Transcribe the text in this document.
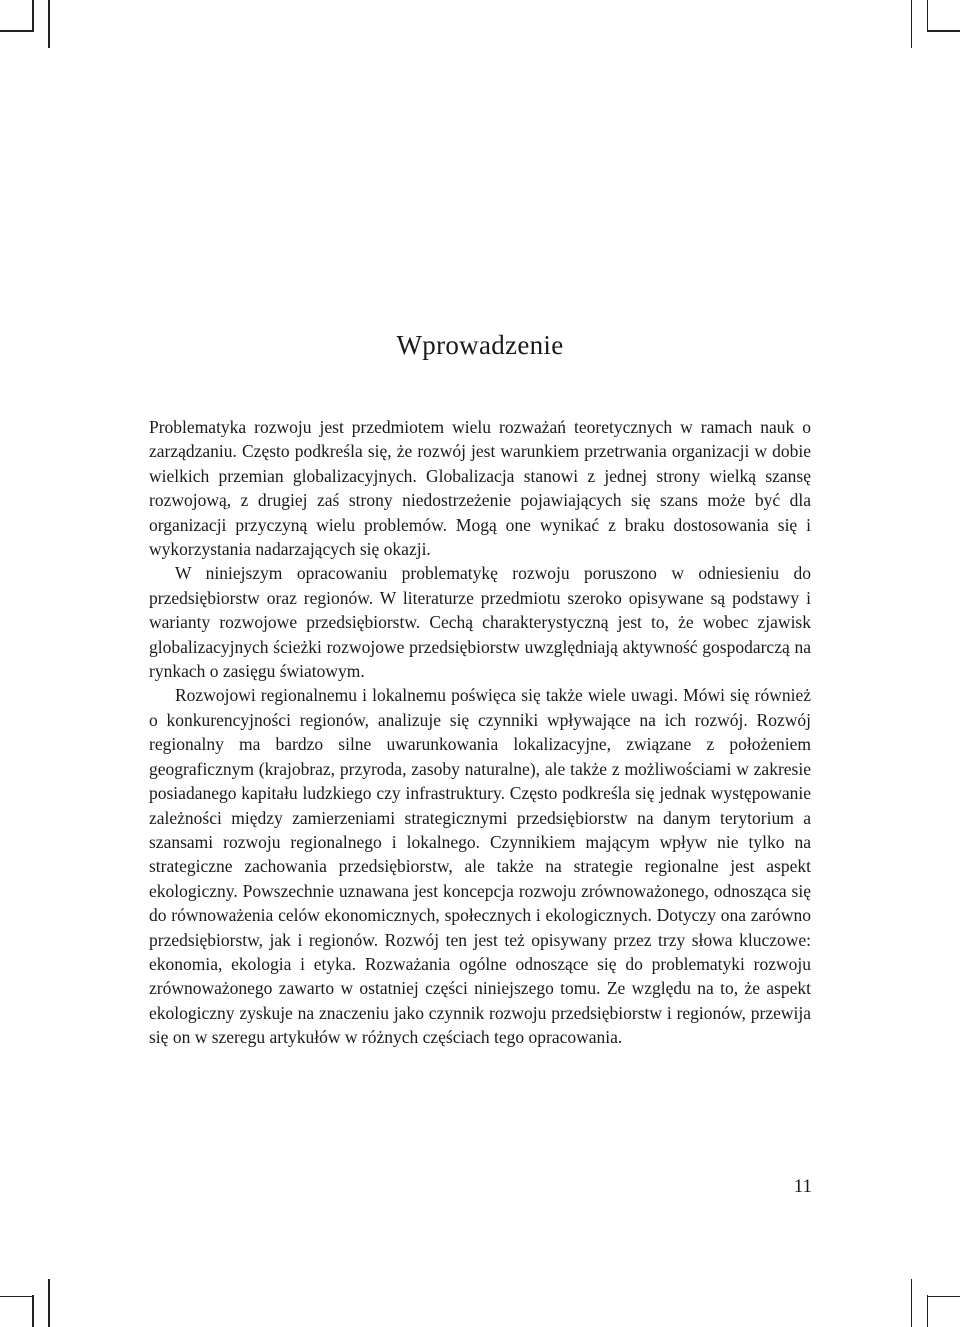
Wprowadzenie

Problematyka rozwoju jest przedmiotem wielu rozważań teoretycznych w ramach nauk o zarządzaniu. Często podkreśla się, że rozwój jest warunkiem przetrwania organizacji w dobie wielkich przemian globalizacyjnych. Globalizacja stanowi z jednej strony wielką szansę rozwojową, z drugiej zaś strony niedostrzeżenie pojawiających się szans może być dla organizacji przyczyną wielu problemów. Mogą one wynikać z braku dostosowania się i wykorzystania nadarzających się okazji.

W niniejszym opracowaniu problematykę rozwoju poruszono w odniesieniu do przedsiębiorstw oraz regionów. W literaturze przedmiotu szeroko opisywane są podstawy i warianty rozwojowe przedsiębiorstw. Cechą charakterystyczną jest to, że wobec zjawisk globalizacyjnych ścieżki rozwojowe przedsiębiorstw uwzględniają aktywność gospodarczą na rynkach o zasięgu światowym.

Rozwojowi regionalnemu i lokalnemu poświęca się także wiele uwagi. Mówi się również o konkurencyjności regionów, analizuje się czynniki wpływające na ich rozwój. Rozwój regionalny ma bardzo silne uwarunkowania lokalizacyjne, związane z położeniem geograficznym (krajobraz, przyroda, zasoby naturalne), ale także z możliwościami w zakresie posiadanego kapitału ludzkiego czy infrastruktury. Często podkreśla się jednak występowanie zależności między zamierzeniami strategicznymi przedsiębiorstw na danym terytorium a szansami rozwoju regionalnego i lokalnego. Czynnikiem mającym wpływ nie tylko na strategiczne zachowania przedsiębiorstw, ale także na strategie regionalne jest aspekt ekologiczny. Powszechnie uznawana jest koncepcja rozwoju zrównoważonego, odnosząca się do równoważenia celów ekonomicznych, społecznych i ekologicznych. Dotyczy ona zarówno przedsiębiorstw, jak i regionów. Rozwój ten jest też opisywany przez trzy słowa kluczowe: ekonomia, ekologia i etyka. Rozważania ogólne odnoszące się do problematyki rozwoju zrównoważonego zawarto w ostatniej części niniejszego tomu. Ze względu na to, że aspekt ekologiczny zyskuje na znaczeniu jako czynnik rozwoju przedsiębiorstw i regionów, przewija się on w szeregu artykułów w różnych częściach tego opracowania.

11
